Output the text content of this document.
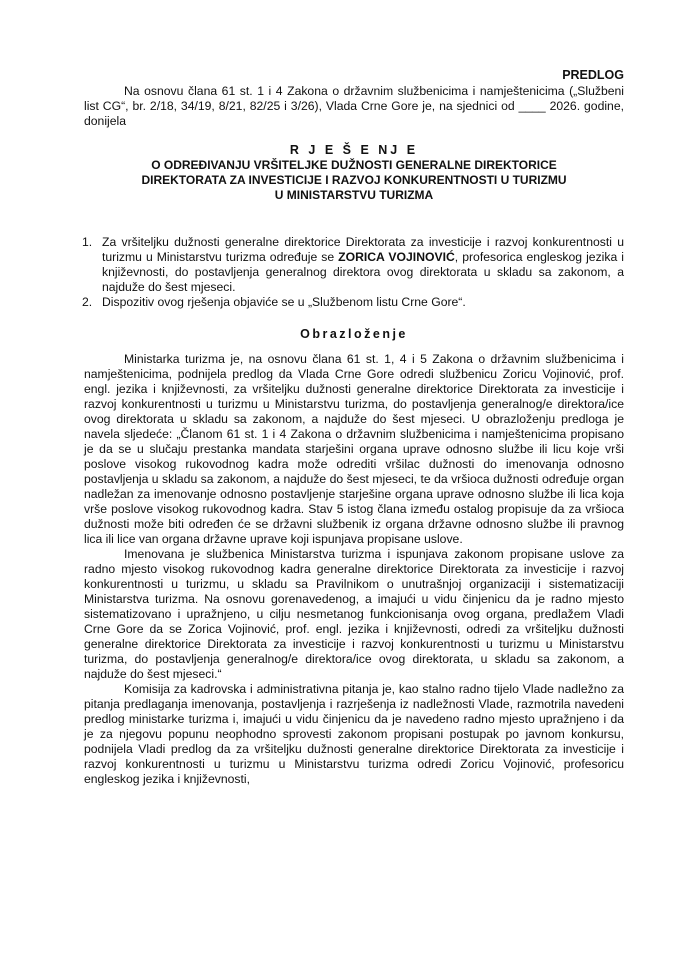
PREDLOG

Na osnovu člana 61 st. 1 i 4 Zakona o državnim službenicima i namještenicima („Službeni list CG“, br. 2/18, 34/19, 8/21, 82/25 i 3/26), Vlada Crne Gore je, na sjednici od ____ 2026. godine, donijela

R J E Š E NJ E

O ODREĐIVANJU VRŠITELJKE DUŽNOSTI GENERALNE DIREKTORICE

DIREKTORATA ZA INVESTICIJE I RAZVOJ KONKURENTNOSTI U TURIZMU

U MINISTARSTVU TURIZMA

1. Za vršiteljku dužnosti generalne direktorice Direktorata za investicije i razvoj konkurentnosti u turizmu u Ministarstvu turizma određuje se ZORICA VOJINOVIĆ, profesorica engleskog jezika i književnosti, do postavljenja generalnog direktora ovog direktorata u skladu sa zakonom, a najduže do šest mjeseci.
2. Dispozitiv ovog rješenja objaviće se u „Službenom listu Crne Gore“.
Obrazloženje

Ministarka turizma je, na osnovu člana 61 st. 1, 4 i 5 Zakona o državnim službenicima i namještenicima, podnijela predlog da Vlada Crne Gore odredi službenicu Zoricu Vojinović, prof. engl. jezika i književnosti, za vršiteljku dužnosti generalne direktorice Direktorata za investicije i razvoj konkurentnosti u turizmu u Ministarstvu turizma, do postavljenja generalnog/e direktora/ice ovog direktorata u skladu sa zakonom, a najduže do šest mjeseci. U obrazloženju predloga je navela sljedeće: „Članom 61 st. 1 i 4 Zakona o državnim službenicima i namještenicima propisano je da se u slučaju prestanka mandata starješini organa uprave odnosno službe ili licu koje vrši poslove visokog rukovodnog kadra može odrediti vršilac dužnosti do imenovanja odnosno postavljenja u skladu sa zakonom, a najduže do šest mjeseci, te da vršioca dužnosti određuje organ nadležan za imenovanje odnosno postavljenje starješine organa uprave odnosno službe ili lica koja vrše poslove visokog rukovodnog kadra. Stav 5 istog člana između ostalog propisuje da za vršioca dužnosti može biti određen će se državni službenik iz organa državne odnosno službe ili pravnog lica ili lice van organa državne uprave koji ispunjava propisane uslove.

Imenovana je službenica Ministarstva turizma i ispunjava zakonom propisane uslove za radno mjesto visokog rukovodnog kadra generalne direktorice Direktorata za investicije i razvoj konkurentnosti u turizmu, u skladu sa Pravilnikom o unutrašnjoj organizaciji i sistematizaciji Ministarstva turizma. Na osnovu gorenavedenog, a imajući u vidu činjenicu da je radno mjesto sistematizovano i upražnjeno, u cilju nesmetanog funkcionisanja ovog organa, predlažem Vladi Crne Gore da se Zorica Vojinović, prof. engl. jezika i književnosti, odredi za vršiteljku dužnosti generalne direktorice Direktorata za investicije i razvoj konkurentnosti u turizmu u Ministarstvu turizma, do postavljenja generalnog/e direktora/ice ovog direktorata, u skladu sa zakonom, a najduže do šest mjeseci.“

Komisija za kadrovska i administrativna pitanja je, kao stalno radno tijelo Vlade nadležno za pitanja predlaganja imenovanja, postavljenja i razrješenja iz nadležnosti Vlade, razmotrila navedeni predlog ministarke turizma i, imajući u vidu činjenicu da je navedeno radno mjesto upražnjeno i da je za njegovu popunu neophodno sprovesti zakonom propisani postupak po javnom konkursu, podnijela Vladi predlog da za vršiteljku dužnosti generalne direktorice Direktorata za investicije i razvoj konkurentnosti u turizmu u Ministarstvu turizma odredi Zoricu Vojinović, profesoricu engleskog jezika i književnosti,
